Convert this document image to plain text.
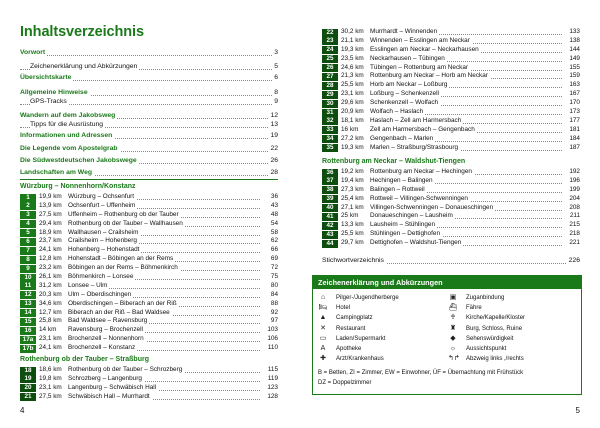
Inhaltsverzeichnis
Vorwort	3
Zeichenerklärung und Abkürzungen	5
Übersichtskarte	6
Allgemeine Hinweise	8
GPS-Tracks	9
Wandern auf dem Jakobsweg	12
Tipps für die Ausrüstung	13
Informationen und Adressen	19
Die Legende vom Apostelgrab	22
Die Südwestdeutschen Jakobswege	26
Landschaften am Weg	28
Würzburg – Nonnenhorn/Konstanz
1	19,9 km Würzburg – Ochsenfurt	36
2	13,9 km Ochsenfurt – Uffenheim	43
3	27,5 km Uffenheim – Rothenburg ob der Tauber	48
4	29,4 km Rothenburg ob der Tauber – Wallhausen	54
5	18,9 km Wallhausen – Crailsheim	58
6	23,7 km Crailsheim – Hohenberg	62
7	24,1 km Hohenberg – Hohenstadt	66
8	12,8 km Hohenstadt – Böbingen an der Rems	69
9	23,2 km Böbingen an der Rems – Böhmenkirch	72
10	26,1 km Böhmenkirch – Lonsee	75
11	31,2 km Lonsee – Ulm	80
12	20,3 km Ulm – Oberdischingen	84
13	34,6 km Oberdischingen – Biberach an der Riß	88
14	12,7 km Biberach an der Riß – Bad Waldsee	92
15	25,8 km Bad Waldsee – Ravensburg	97
16	14 km	Ravensburg – Brochenzell	103
17a 23,1 km Brochenzell – Nonnenhorn	106
17b 24,1 km Brochenzell – Konstanz	110
Rothenburg ob der Tauber – Straßburg
18	18,6 km Rothenburg ob der Tauber – Schrozberg	115
19	19,8 km Schrozberg – Langenburg	119
20	23,1 km Langenburg – Schwäbisch Hall	123
21	27,5 km Schwäbisch Hall – Murrhardt	128
4
22	30,2 km Murrhardt – Winnenden	133
23	21,1 km Winnenden – Esslingen am Neckar	138
24	19,3 km Esslingen am Neckar – Neckarhausen	144
25	23,5 km Neckarhausen – Tübingen	149
26	24,6 km Tübingen – Rottenburg am Neckar	155
27	21,3 km Rottenburg am Neckar – Horb am Neckar	159
28	25,5 km Horb am Neckar – Loßburg	163
29	23,1 km Loßburg – Schenkenzell	167
30	29,6 km Schenkenzell – Wolfach	170
31	20,9 km Wolfach – Haslach	173
32	18,1 km Haslach – Zell am Harmersbach	177
33	16 km	Zell am Harmersbach – Gengenbach	181
34	27,2 km Gengenbach – Marlen	184
35	19,3 km Marlen – Straßburg/Strasbourg	187
Rottenburg am Neckar – Waldshut-Tiengen
36	19,2 km Rottenburg am Neckar – Hechingen	192
37	19,4 km Hechingen – Balingen	196
38	27,3 km Balingen – Rottweil	199
39	25,4 km Rottweil – Villingen-Schwenningen	204
40	27,1 km Villingen-Schwenningen – Donaueschingen	208
41	25 km	Donaueschingen – Lausheim	211
42	13,3 km Lausheim – Stühlingen	215
43	25,5 km Stühlingen – Dettighofen	218
44	29,7 km Dettighofen – Waldshut-Tiengen	221
Stichwortverzeichnis	226
Zeichenerklärung und Abkürzungen
⌂	Pilger-/Jugendherberge
🛏 Hotel
▲ Campingplatz
✕	Restaurant
▭ Laden/Supermarkt
A	Apotheke
✚	Arzt/Krankenhaus
▣ Zuganbindung
⛴ Fähre
♰	Kirche/Kapelle/Kloster
♜	Burg, Schloss, Ruine
◆	Sehenswürdigkeit
☼ Aussichtspunkt
↰↱ Abzweig links ,/rechts
B = Betten, ZI = Zimmer, EW = Einwohner, ÜF = Übernachtung mit Frühstück
DZ = Doppelzimmer
5
